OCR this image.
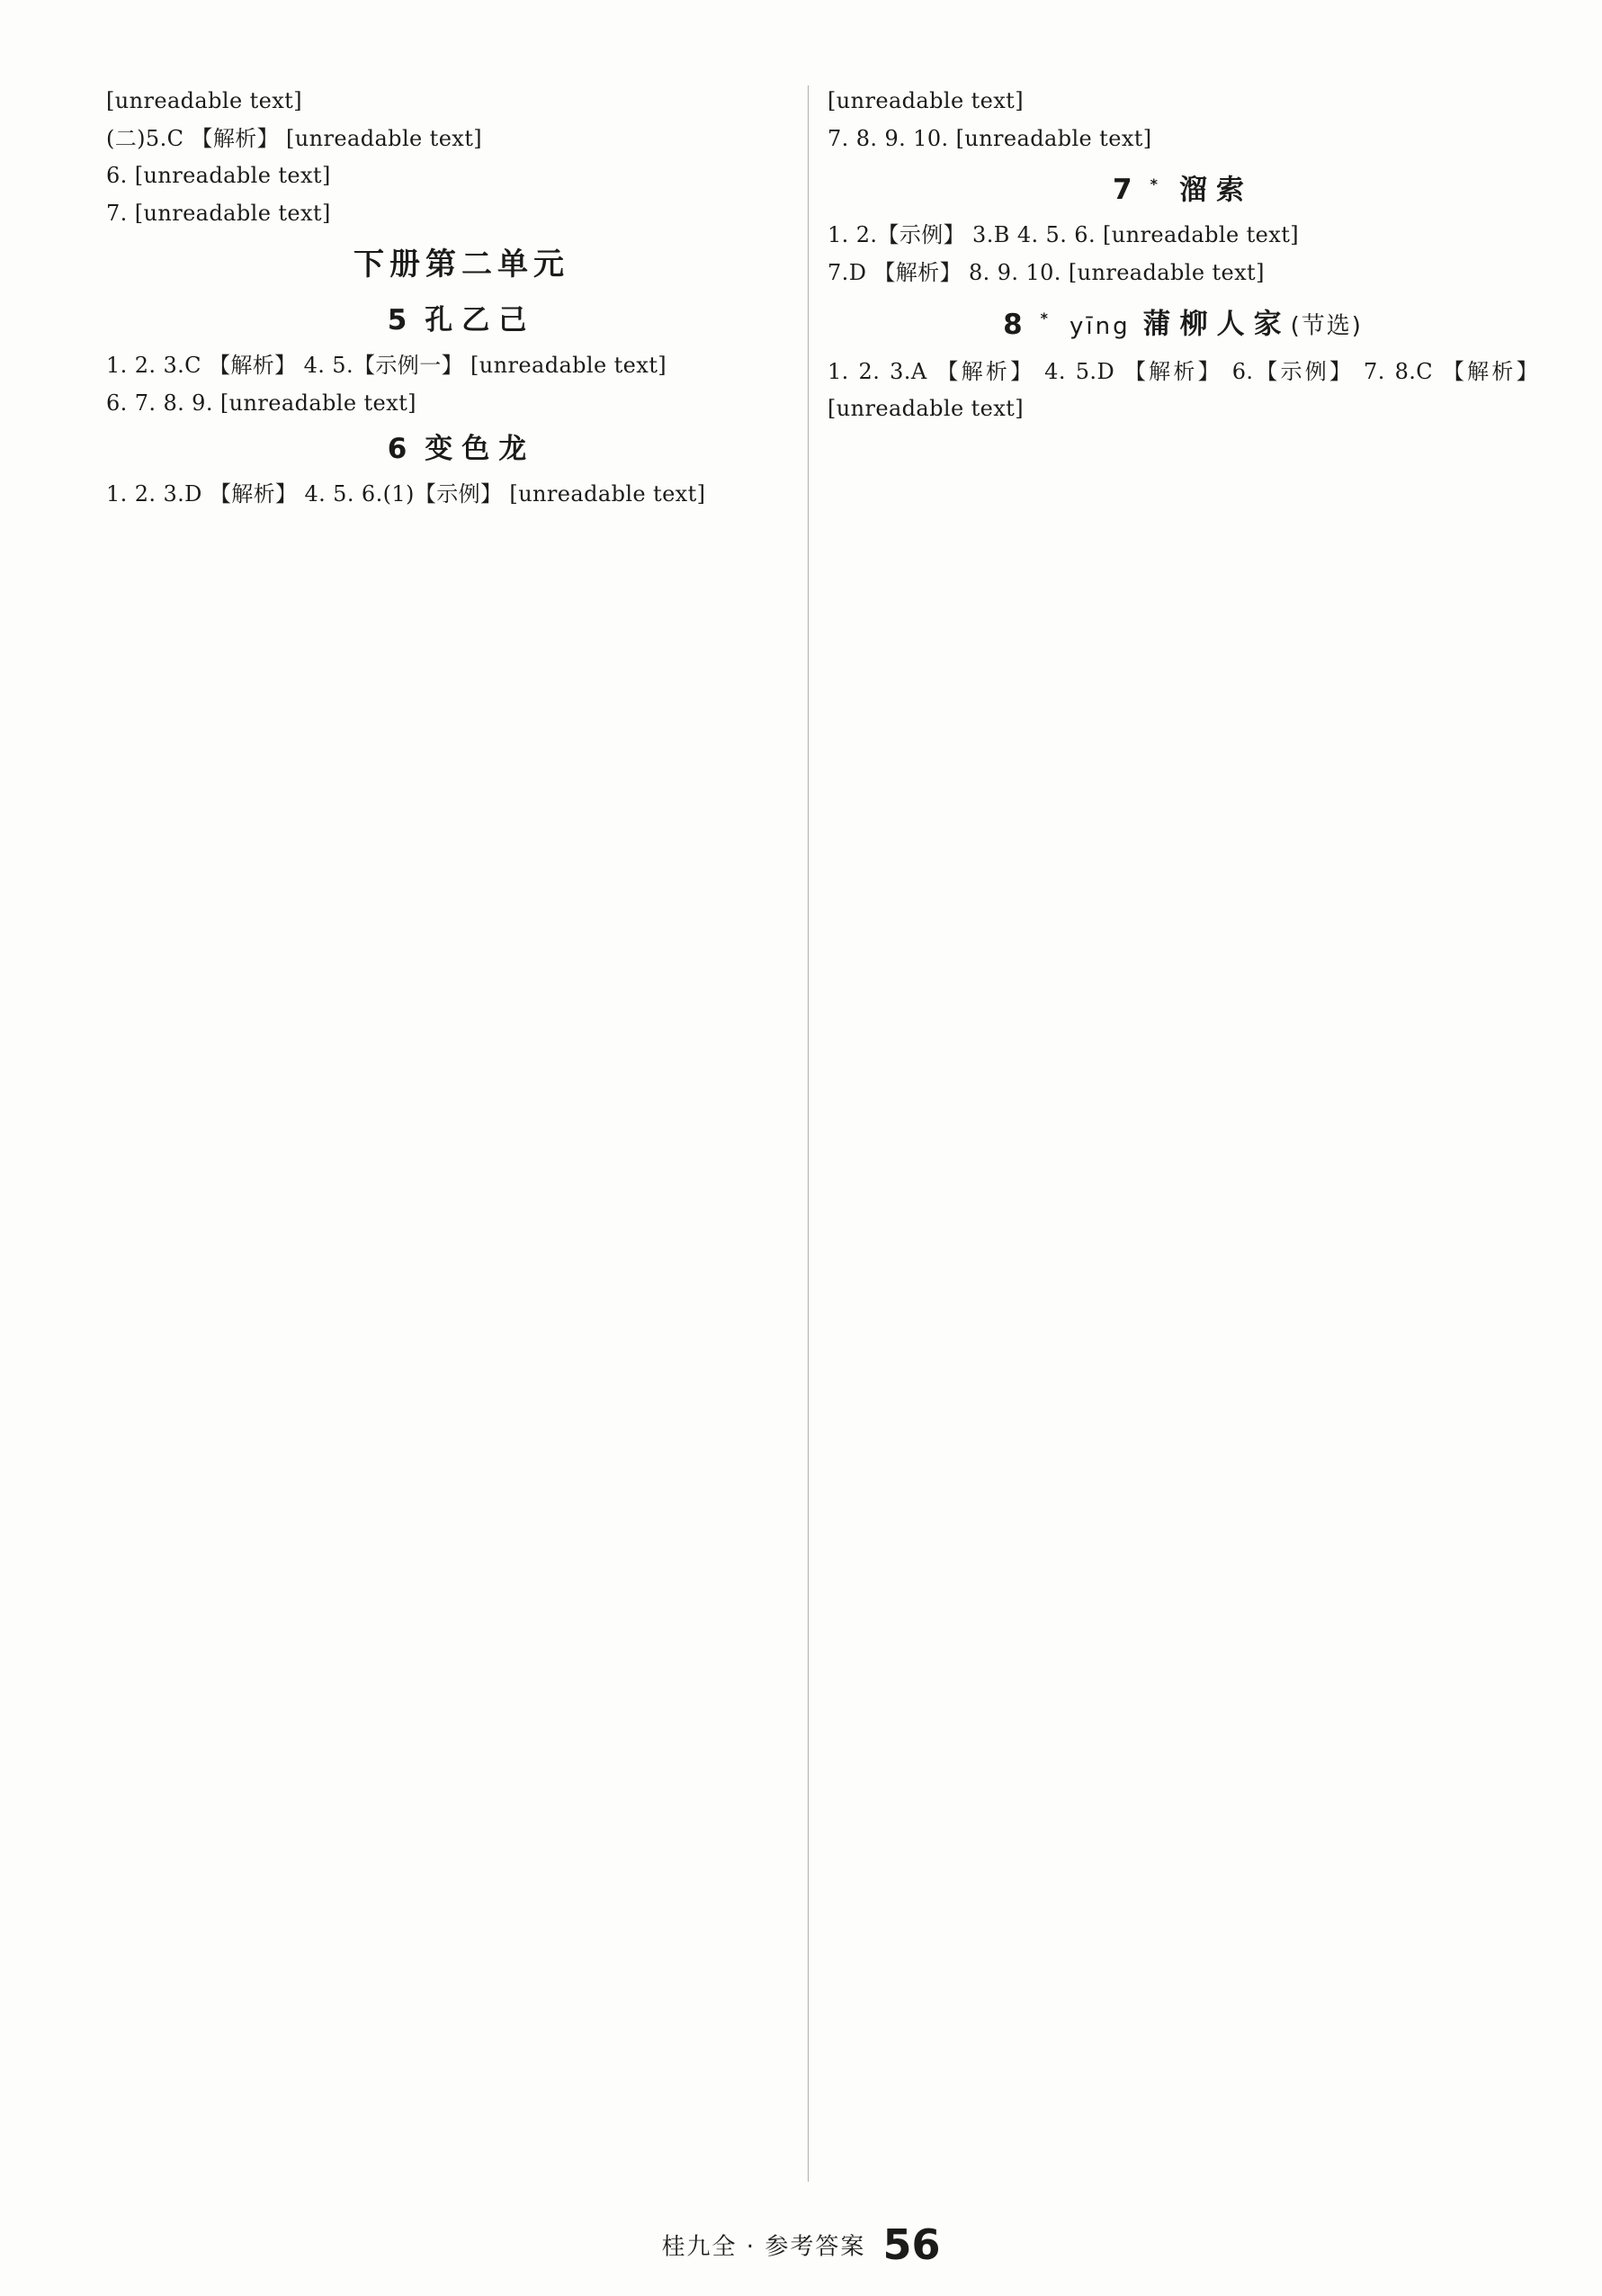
[unreadable text]

(二)5.C 【解析】 [unreadable text]

6. [unreadable text]

7. [unreadable text]

下册第二单元
5 孔乙己

1. 2. 3.C 【解析】 4. 5.【示例一】 [unreadable text]

6. 7. 8. 9. [unreadable text]

6 变色龙

1. 2. 3.D 【解析】 4. 5. 6.(1)【示例】 [unreadable text]

[unreadable text]

7. 8. 9. 10. [unreadable text]

7 * 溜索

1. 2.【示例】 3.B 4. 5. 6. [unreadable text]

7.D 【解析】 8. 9. 10. [unreadable text]

8 * yīng 蒲柳人家(节选)

1. 2. 3.A 【解析】 4. 5.D 【解析】 6.【示例】 7. 8.C 【解析】 [unreadable text]

桂九全 · 参考答案 56
